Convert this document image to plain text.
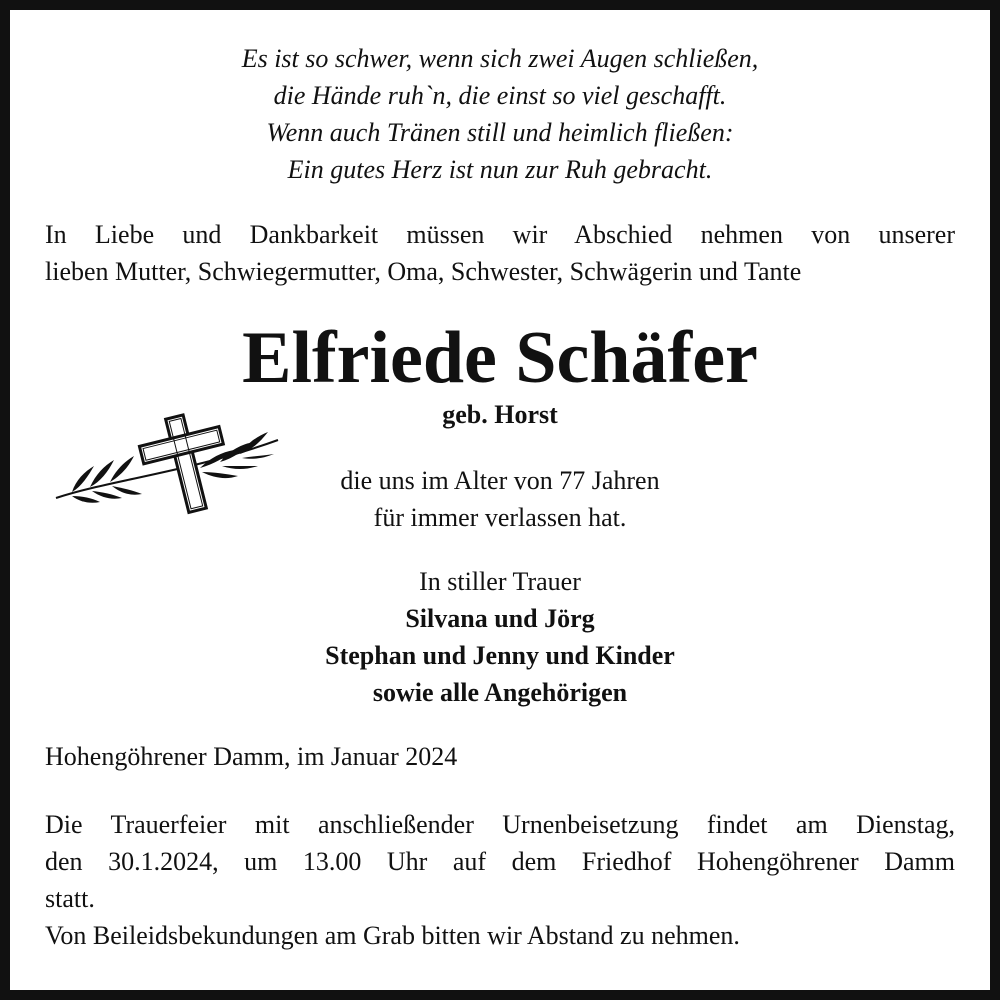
Es ist so schwer, wenn sich zwei Augen schließen,
die Hände ruh`n, die einst so viel geschafft.
Wenn auch Tränen still und heimlich fließen:
Ein gutes Herz ist nun zur Ruh gebracht.
In Liebe und Dankbarkeit müssen wir Abschied nehmen von unserer
lieben Mutter, Schwiegermutter, Oma, Schwester, Schwägerin und Tante
Elfriede Schäfer
geb. Horst
die uns im Alter von 77 Jahren
für immer verlassen hat.
In stiller Trauer
Silvana und Jörg
Stephan und Jenny und Kinder
sowie alle Angehörigen
Hohengöhrener Damm, im Januar 2024
Die Trauerfeier mit anschließender Urnenbeisetzung findet am Dienstag,
den 30.1.2024, um 13.00 Uhr auf dem Friedhof Hohengöhrener Damm
statt.
Von Beileidsbekundungen am Grab bitten wir Abstand zu nehmen.
